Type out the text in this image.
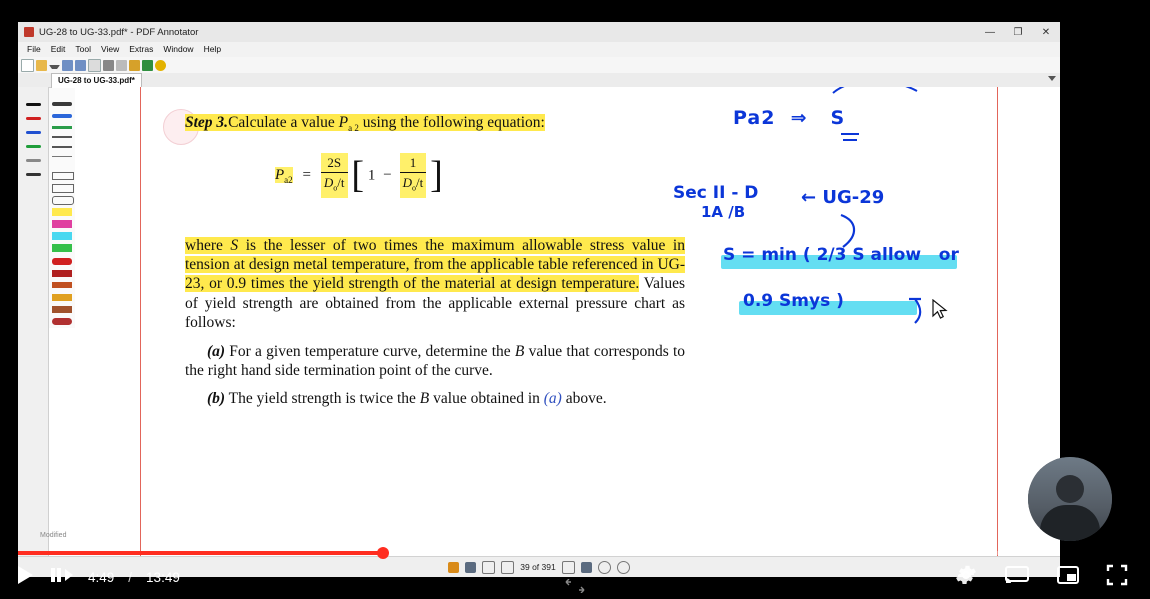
UG-28 to UG-33.pdf* - PDF Annotator	—	❐	✕
File	Edit	Tool	View	Extras	Window	Help
UG-28 to UG-33.pdf*

Step 3.Calculate a value $P_{a 2}$ using the following equation:

$P_{a2} = \frac{2S}{D_o/t}$ [ $1 - \frac{1}{D_o/t}$ ]

where S is the lesser of two times the maximum allowable stress value in tension at design metal temperature, from the applicable table referenced in UG-23, or 0.9 times the yield strength of the material at design temperature. Values of yield strength are obtained from the applicable external pressure chart as follows:

(a) For a given temperature curve, determine the B value that corresponds to the right hand side termination point of the curve.

(b) The yield strength is twice the B value obtained in (a) above.

Pa2  ⇒   S
Sec II - D
1A /B
← UG-29
S = min ( 2/3 S allow   or
0.9 Smys )
39 of 391
Modified
4:49 / 13:49
